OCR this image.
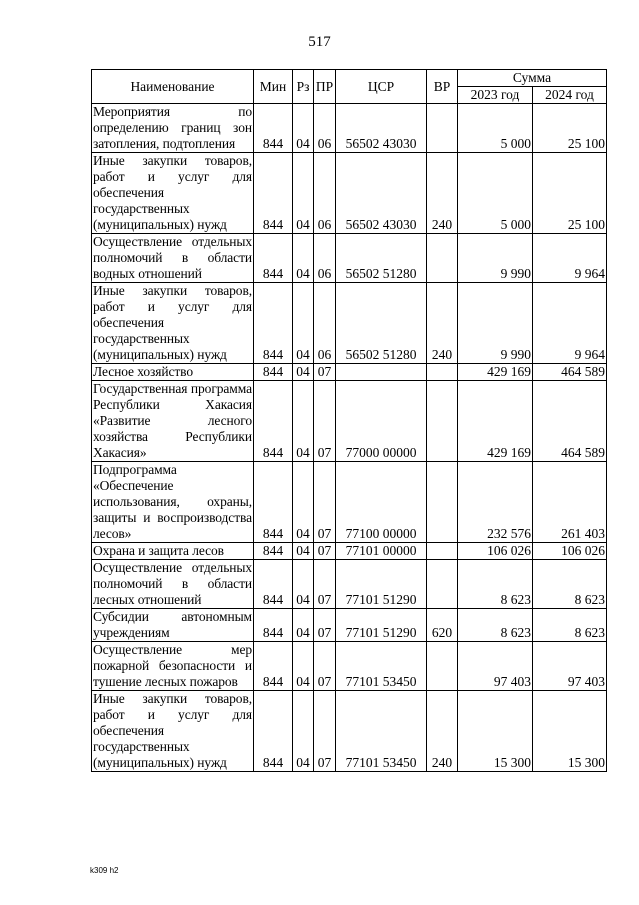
517
Наименование	Мин	Рз	ПР	ЦСР	ВР	Сумма	
						2023 год	2024 год
Мероприятия по определению границ зон затопления, подтопления	844	04	06	56502 43030		5 000	25 100
Иные закупки товаров, работ и услуг для обеспечения государственных (муниципальных) нужд	844	04	06	56502 43030	240	5 000	25 100
Осуществление отдельных полномочий в области водных отношений	844	04	06	56502 51280		9 990	9 964
Иные закупки товаров, работ и услуг для обеспечения государственных (муниципальных) нужд	844	04	06	56502 51280	240	9 990	9 964
Лесное хозяйство	844	04	07			429 169	464 589
Государственная программа Республики Хакасия «Развитие лесного хозяйства Республики Хакасия»	844	04	07	77000 00000		429 169	464 589
Подпрограмма «Обеспечение использования, охраны, защиты и воспроизводства лесов»	844	04	07	77100 00000		232 576	261 403
Охрана и защита лесов	844	04	07	77101 00000		106 026	106 026
Осуществление отдельных полномочий в области лесных отношений	844	04	07	77101 51290		8 623	8 623
Субсидии автономным учреждениям	844	04	07	77101 51290	620	8 623	8 623
Осуществление мер пожарной безопасности и тушение лесных пожаров	844	04	07	77101 53450		97 403	97 403
Иные закупки товаров, работ и услуг для обеспечения государственных (муниципальных) нужд	844	04	07	77101 53450	240	15 300	15 300
k309 h2
